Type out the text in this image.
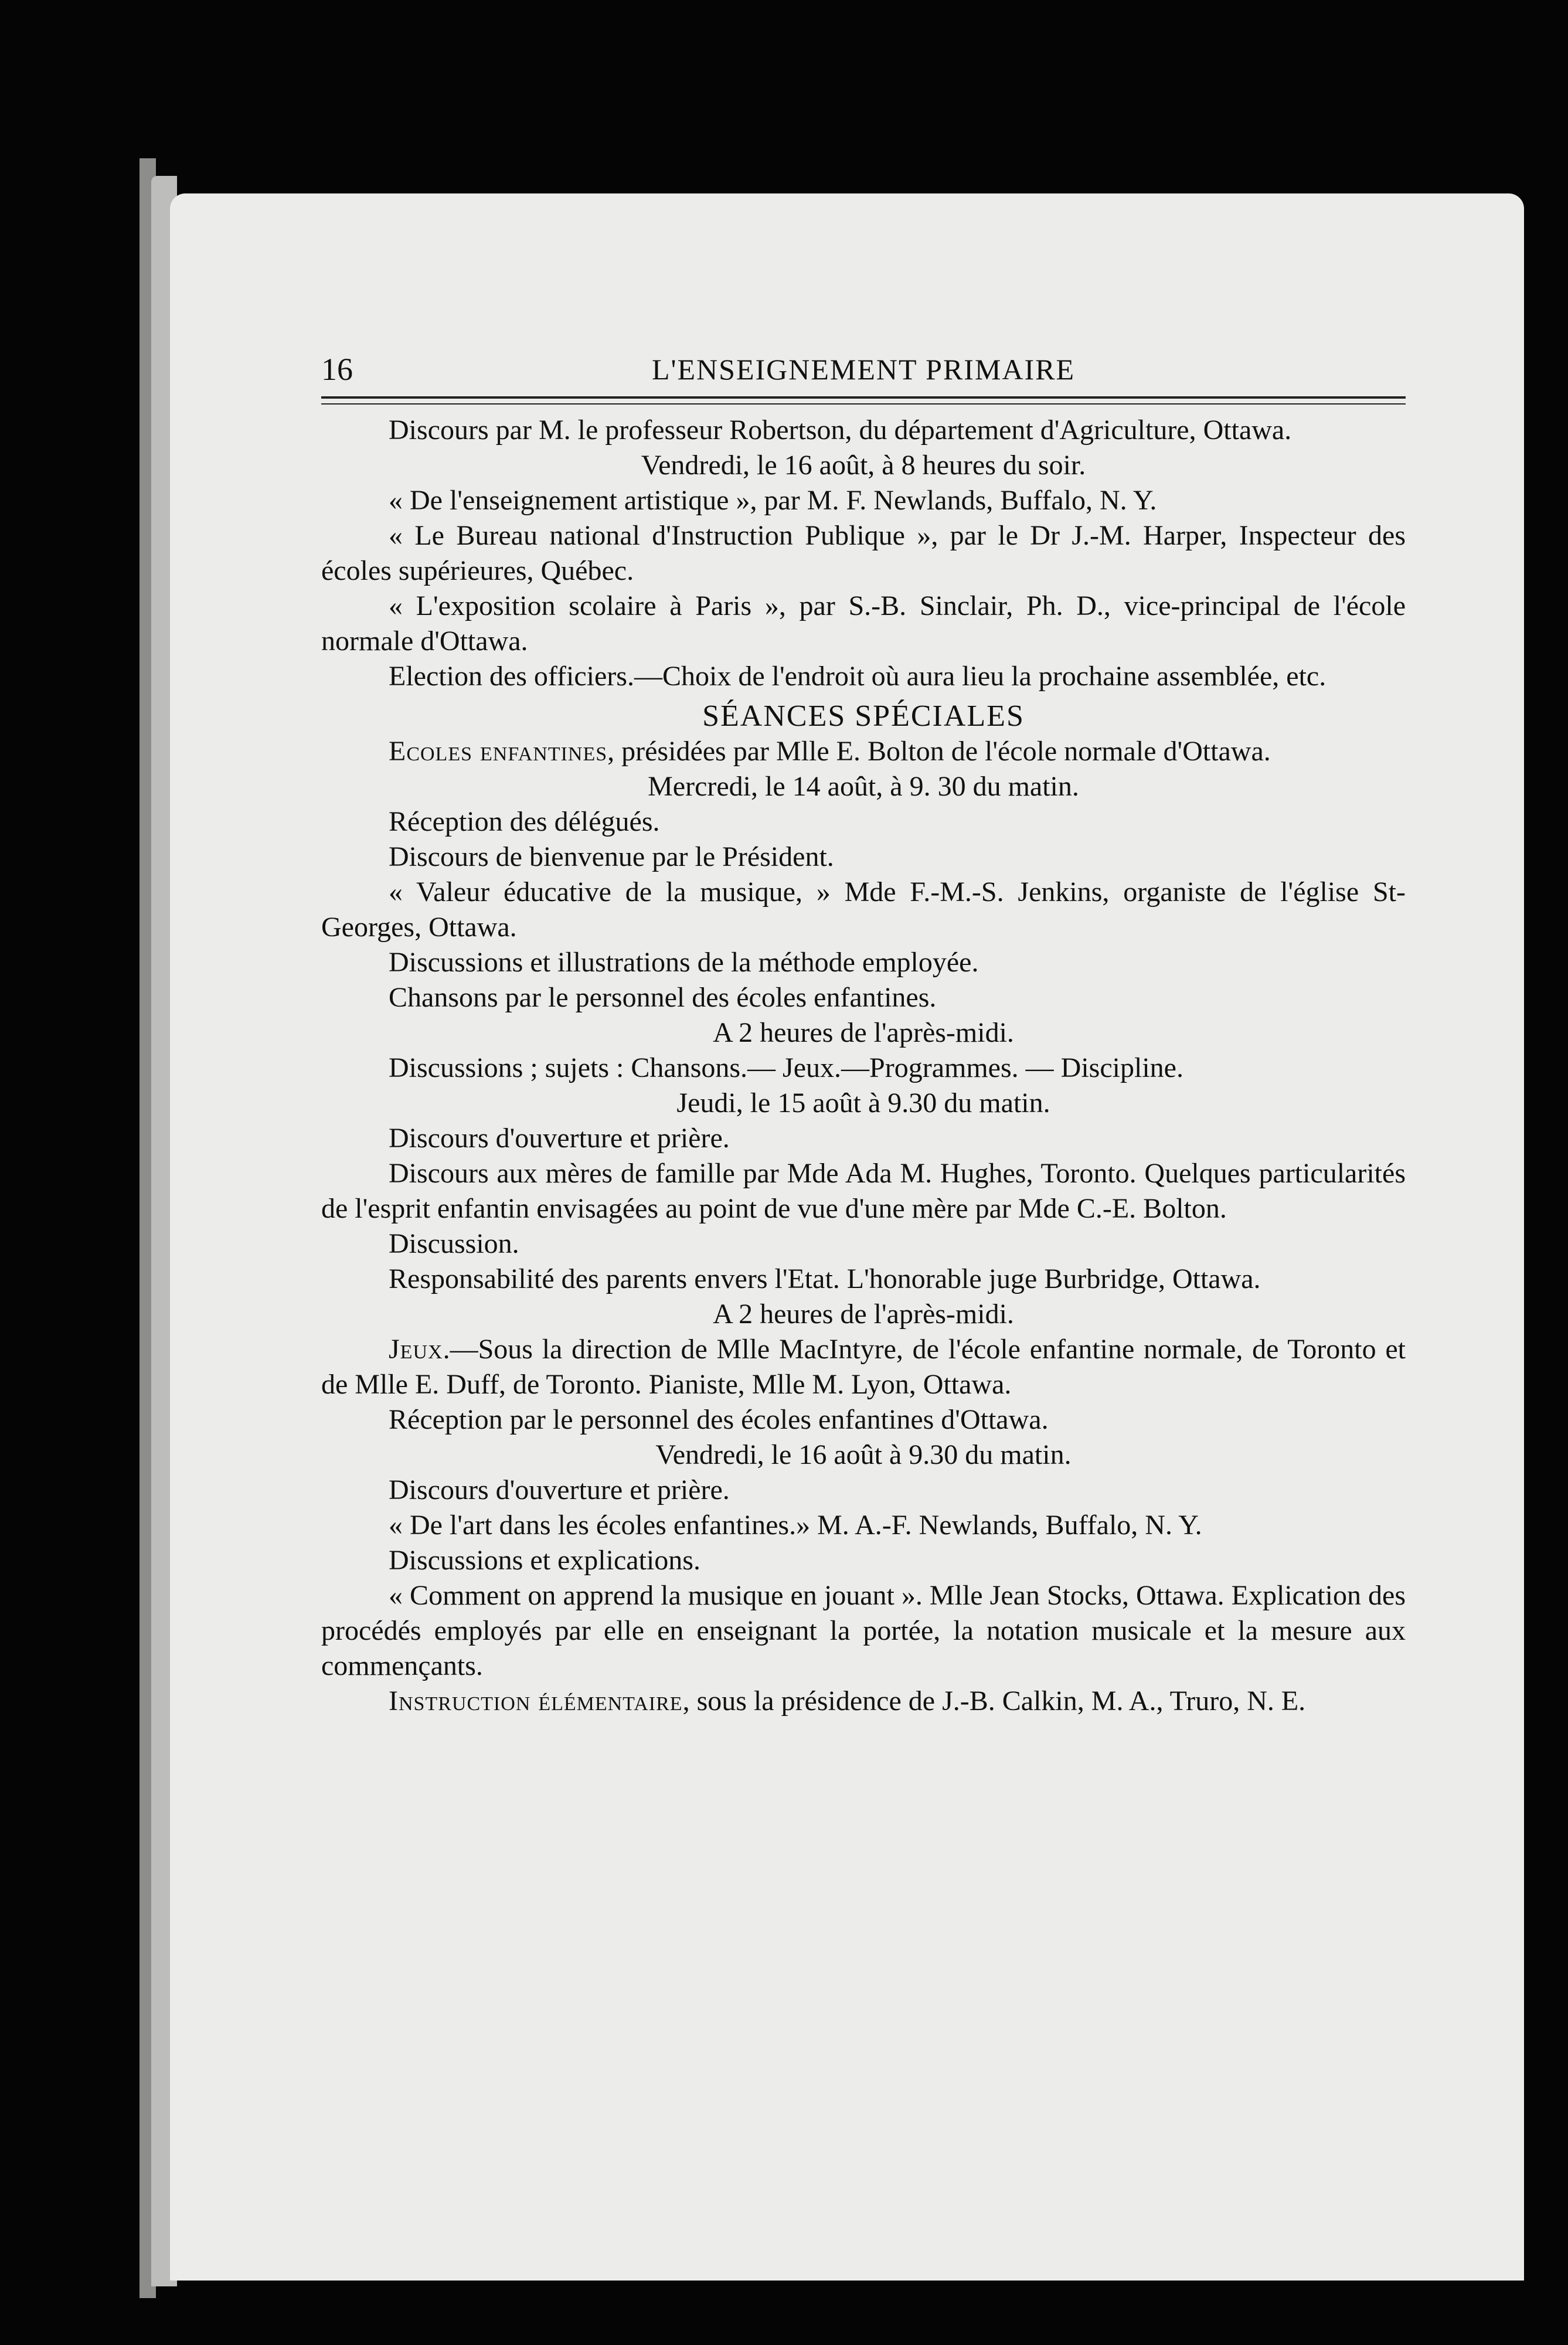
16	L'ENSEIGNEMENT PRIMAIRE

Discours par M. le professeur Robertson, du département d'Agriculture, Ottawa.

Vendredi, le 16 août, à 8 heures du soir.

« De l'enseignement artistique », par M. F. Newlands, Buffalo, N. Y.

« Le Bureau national d'Instruction Publique », par le Dr J.-M. Harper, Inspecteur des écoles supérieures, Québec.

« L'exposition scolaire à Paris », par S.-B. Sinclair, Ph. D., vice-principal de l'école normale d'Ottawa.

Election des officiers.—Choix de l'endroit où aura lieu la prochaine assemblée, etc.

SÉANCES SPÉCIALES

Ecoles enfantines, présidées par Mlle E. Bolton de l'école normale d'Ottawa.

Mercredi, le 14 août, à 9. 30 du matin.

Réception des délégués.

Discours de bienvenue par le Président.

« Valeur éducative de la musique, » Mde F.-M.-S. Jenkins, organiste de l'église St-Georges, Ottawa.

Discussions et illustrations de la méthode employée.

Chansons par le personnel des écoles enfantines.

A 2 heures de l'après-midi.

Discussions ; sujets : Chansons.— Jeux.—Programmes. — Discipline.

Jeudi, le 15 août à 9.30 du matin.

Discours d'ouverture et prière.

Discours aux mères de famille par Mde Ada M. Hughes, Toronto. Quelques particularités de l'esprit enfantin envisagées au point de vue d'une mère par Mde C.-E. Bolton.

Discussion.

Responsabilité des parents envers l'Etat. L'honorable juge Burbridge, Ottawa.

A 2 heures de l'après-midi.

Jeux.—Sous la direction de Mlle MacIntyre, de l'école enfantine normale, de Toronto et de Mlle E. Duff, de Toronto. Pianiste, Mlle M. Lyon, Ottawa.

Réception par le personnel des écoles enfantines d'Ottawa.

Vendredi, le 16 août à 9.30 du matin.

Discours d'ouverture et prière.

« De l'art dans les écoles enfantines.» M. A.-F. Newlands, Buffalo, N. Y.

Discussions et explications.

« Comment on apprend la musique en jouant ». Mlle Jean Stocks, Ottawa. Explication des procédés employés par elle en enseignant la portée, la notation musicale et la mesure aux commençants.

Instruction élémentaire, sous la présidence de J.-B. Calkin, M. A., Truro, N. E.
